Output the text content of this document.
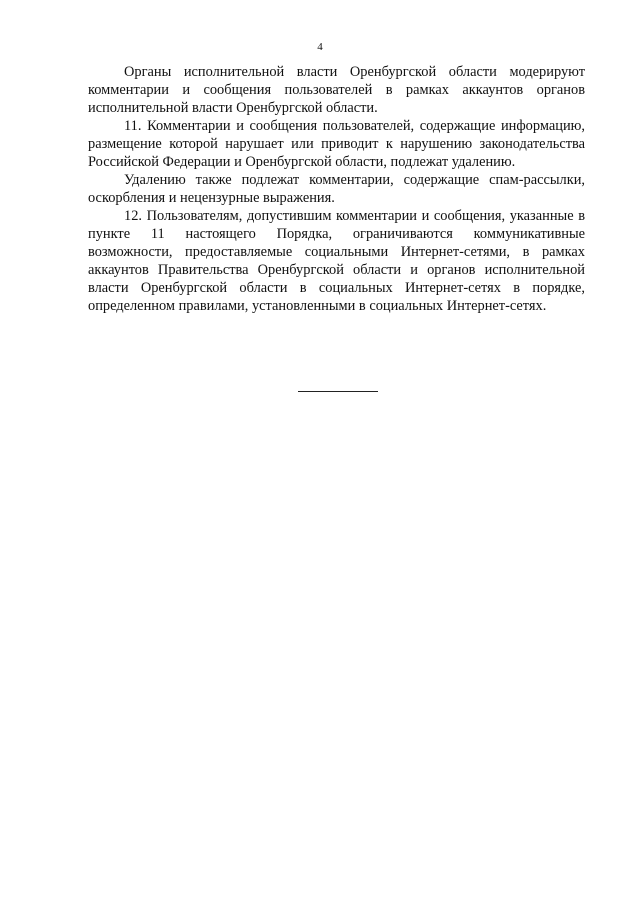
4

Органы исполнительной власти Оренбургской области модерируют комментарии и сообщения пользователей в рамках аккаунтов органов исполнительной власти Оренбургской области.

11. Комментарии и сообщения пользователей, содержащие информацию, размещение которой нарушает или приводит к нарушению законодательства Российской Федерации и Оренбургской области, подлежат удалению.

Удалению также подлежат комментарии, содержащие спам-рассылки, оскорбления и нецензурные выражения.

12. Пользователям, допустившим комментарии и сообщения, указанные в пункте 11 настоящего Порядка, ограничиваются коммуникативные возможности, предоставляемые социальными Интернет-сетями, в рамках аккаунтов Правительства Оренбургской области и органов исполнительной власти Оренбургской области в социальных Интернет-сетях в порядке, определенном правилами, установленными в социальных Интернет-сетях.
